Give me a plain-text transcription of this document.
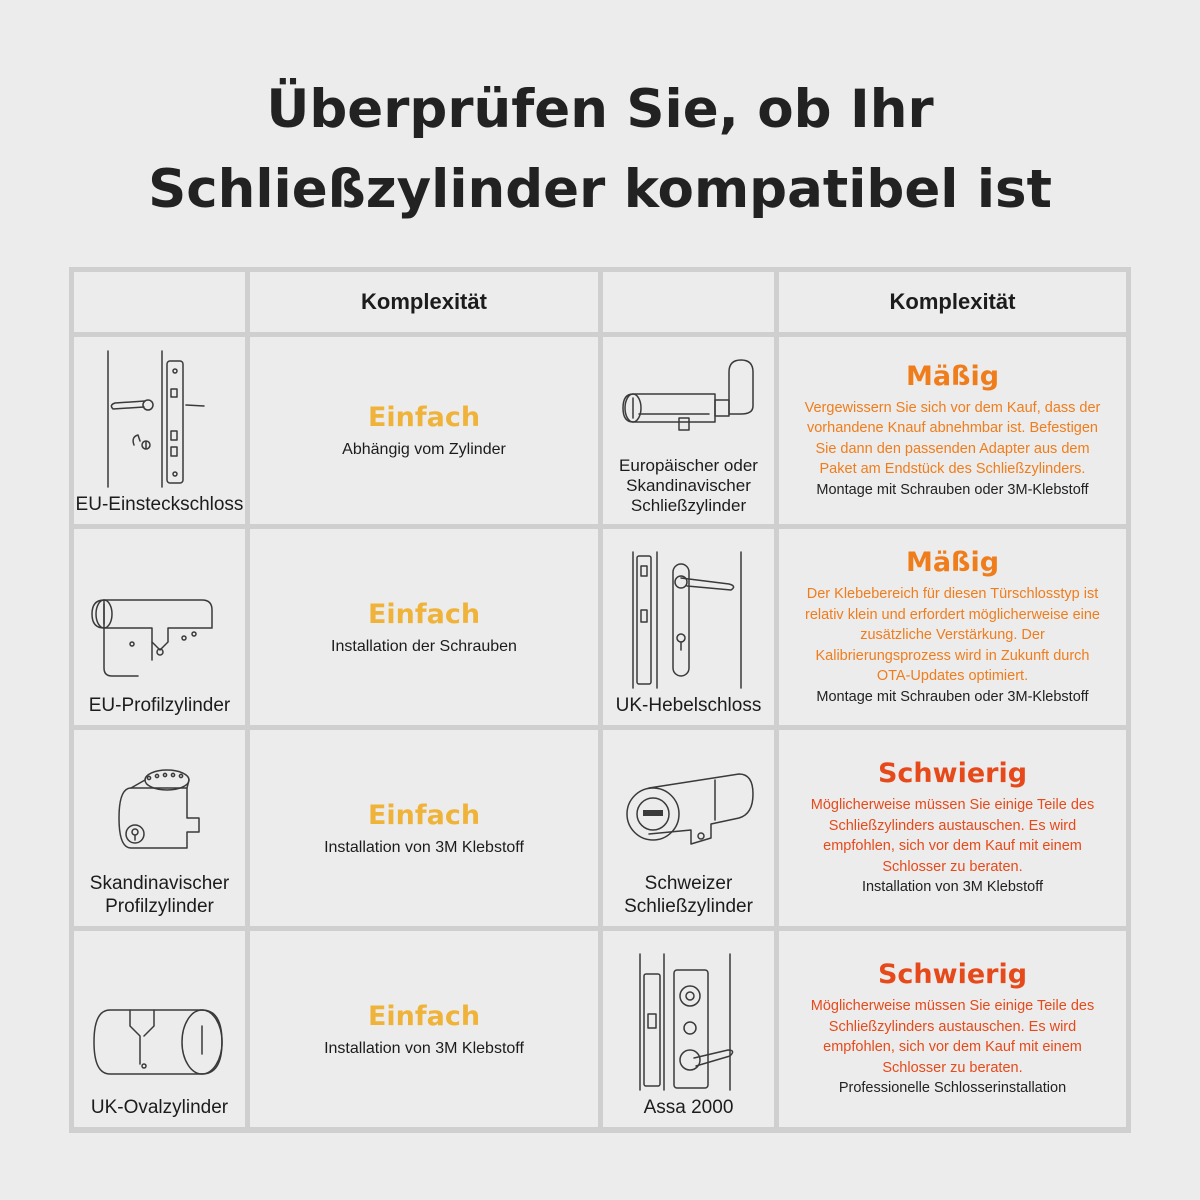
Überprüfen Sie, ob Ihr
Schließzylinder kompatibel ist
Komplexität	Komplexität
EU-Einsteckschloss
Einfach
Abhängig vom Zylinder
Europäischer oder Skandinavischer Schließzylinder
Mäßig
Vergewissern Sie sich vor dem Kauf, dass der vorhandene Knauf abnehmbar ist. Befestigen Sie dann den passenden Adapter aus dem Paket am Endstück des Schließzylinders.
Montage mit Schrauben oder 3M-Klebstoff
EU-Profilzylinder
Einfach
Installation der Schrauben
UK-Hebelschloss
Mäßig
Der Klebebereich für diesen Türschlosstyp ist relativ klein und erfordert möglicherweise eine zusätzliche Verstärkung. Der Kalibrierungsprozess wird in Zukunft durch OTA-Updates optimiert.
Montage mit Schrauben oder 3M-Klebstoff
Skandinavischer Profilzylinder
Einfach
Installation von 3M Klebstoff
Schweizer Schließzylinder
Schwierig
Möglicherweise müssen Sie einige Teile des Schließzylinders austauschen. Es wird empfohlen, sich vor dem Kauf mit einem Schlosser zu beraten.
Installation von 3M Klebstoff
UK-Ovalzylinder
Einfach
Installation von 3M Klebstoff
Assa 2000
Schwierig
Möglicherweise müssen Sie einige Teile des Schließzylinders austauschen. Es wird empfohlen, sich vor dem Kauf mit einem Schlosser zu beraten.
Professionelle Schlosserinstallation
